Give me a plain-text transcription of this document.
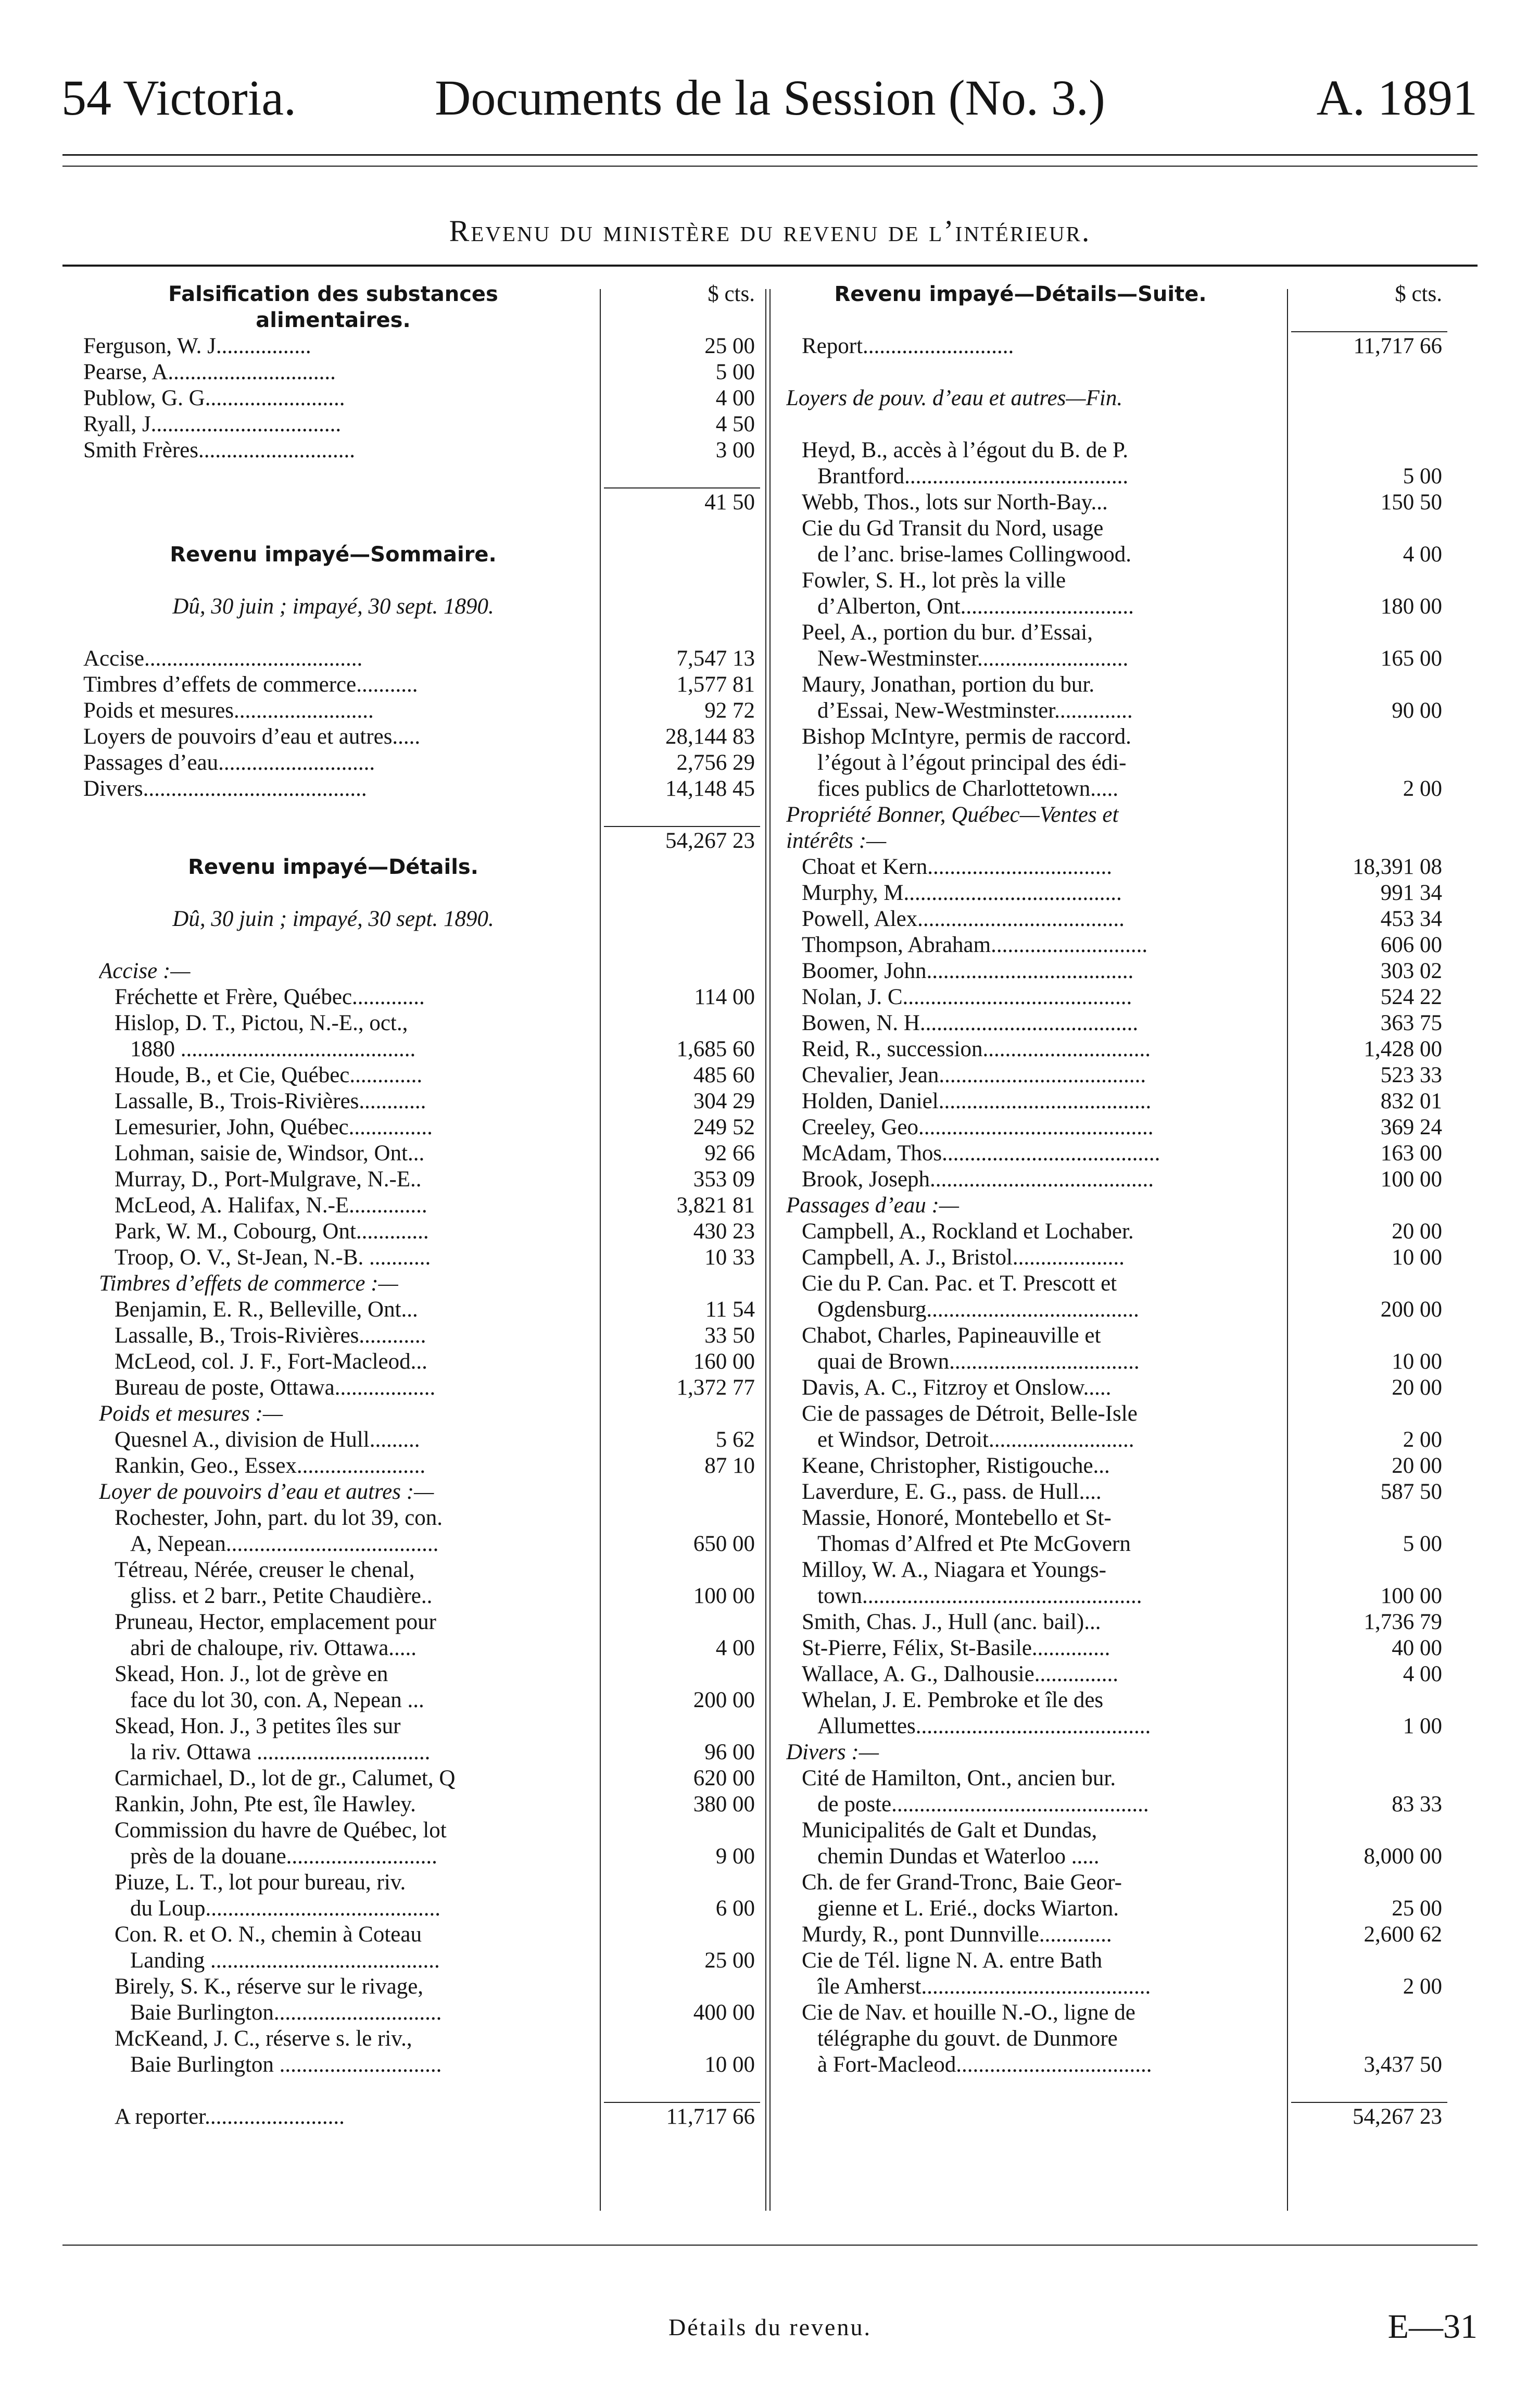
54 Victoria.	Documents de la Session (No. 3.)	A. 1891
Revenu du ministère du revenu de l’intérieur.
Falsification des substances	$ cts.
alimentaires.
Ferguson, W. J.................	25 00
Pearse, A..............................	5 00
Publow, G. G.........................	4 00
Ryall, J..................................	4 50
Smith Frères............................	3 00
41 50
Revenu impayé—Sommaire.
Dû, 30 juin ; impayé, 30 sept. 1890.
Accise.......................................	7,547 13
Timbres d’effets de commerce...........	1,577 81
Poids et mesures.........................	92 72
Loyers de pouvoirs d’eau et autres.....	28,144 83
Passages d’eau............................	2,756 29
Divers........................................	14,148 45
54,267 23
Revenu impayé—Détails.
Dû, 30 juin ; impayé, 30 sept. 1890.
Accise :—
Fréchette et Frère, Québec.............	114 00
Hislop, D. T., Pictou, N.-E., oct.,
1880 ..........................................	1,685 60
Houde, B., et Cie, Québec.............	485 60
Lassalle, B., Trois-Rivières............	304 29
Lemesurier, John, Québec...............	249 52
Lohman, saisie de, Windsor, Ont...	92 66
Murray, D., Port-Mulgrave, N.-E..	353 09
McLeod, A. Halifax, N.-E..............	3,821 81
Park, W. M., Cobourg, Ont.............	430 23
Troop, O. V., St-Jean, N.-B. ...........	10 33
Timbres d’effets de commerce :—
Benjamin, E. R., Belleville, Ont...	11 54
Lassalle, B., Trois-Rivières............	33 50
McLeod, col. J. F., Fort-Macleod...	160 00
Bureau de poste, Ottawa..................	1,372 77
Poids et mesures :—
Quesnel A., division de Hull.........	5 62
Rankin, Geo., Essex.......................	87 10
Loyer de pouvoirs d’eau et autres :—
Rochester, John, part. du lot 39, con.
A, Nepean......................................	650 00
Tétreau, Nérée, creuser le chenal,
gliss. et 2 barr., Petite Chaudière..	100 00
Pruneau, Hector, emplacement pour
abri de chaloupe, riv. Ottawa.....	4 00
Skead, Hon. J., lot de grève en
face du lot 30, con. A, Nepean ...	200 00
Skead, Hon. J., 3 petites îles sur
la riv. Ottawa ...............................	96 00
Carmichael, D., lot de gr., Calumet, Q	620 00
Rankin, John, Pte est, île Hawley.	380 00
Commission du havre de Québec, lot
près de la douane...........................	9 00
Piuze, L. T., lot pour bureau, riv.
du Loup..........................................	6 00
Con. R. et O. N., chemin à Coteau
Landing .........................................	25 00
Birely, S. K., réserve sur le rivage,
Baie Burlington..............................	400 00
McKeand, J. C., réserve s. le riv.,
Baie Burlington .............................	10 00
A reporter.........................	11,717 66
Revenu impayé—Détails—Suite.	$ cts.
Report...........................	11,717 66
Loyers de pouv. d’eau et autres—Fin.
Heyd, B., accès à l’égout du B. de P.
Brantford........................................	5 00
Webb, Thos., lots sur North-Bay...	150 50
Cie du Gd Transit du Nord, usage
de l’anc. brise-lames Collingwood.	4 00
Fowler, S. H., lot près la ville
d’Alberton, Ont...............................	180 00
Peel, A., portion du bur. d’Essai,
New-Westminster...........................	165 00
Maury, Jonathan, portion du bur.
d’Essai, New-Westminster..............	90 00
Bishop McIntyre, permis de raccord.
l’égout à l’égout principal des édi-
fices publics de Charlottetown.....	2 00
Propriété Bonner, Québec—Ventes et
intérêts :—
Choat et Kern.................................	18,391 08
Murphy, M.......................................	991 34
Powell, Alex.....................................	453 34
Thompson, Abraham............................	606 00
Boomer, John.....................................	303 02
Nolan, J. C.........................................	524 22
Bowen, N. H.......................................	363 75
Reid, R., succession..............................	1,428 00
Chevalier, Jean.....................................	523 33
Holden, Daniel......................................	832 01
Creeley, Geo..........................................	369 24
McAdam, Thos.......................................	163 00
Brook, Joseph........................................	100 00
Passages d’eau :—
Campbell, A., Rockland et Lochaber.	20 00
Campbell, A. J., Bristol....................	10 00
Cie du P. Can. Pac. et T. Prescott et
Ogdensburg......................................	200 00
Chabot, Charles, Papineauville et
quai de Brown..................................	10 00
Davis, A. C., Fitzroy et Onslow.....	20 00
Cie de passages de Détroit, Belle-Isle
et Windsor, Detroit..........................	2 00
Keane, Christopher, Ristigouche...	20 00
Laverdure, E. G., pass. de Hull....	587 50
Massie, Honoré, Montebello et St-
Thomas d’Alfred et Pte McGovern	5 00
Milloy, W. A., Niagara et Youngs-
town..................................................	100 00
Smith, Chas. J., Hull (anc. bail)...	1,736 79
St-Pierre, Félix, St-Basile..............	40 00
Wallace, A. G., Dalhousie...............	4 00
Whelan, J. E. Pembroke et île des
Allumettes..........................................	1 00
Divers :—
Cité de Hamilton, Ont., ancien bur.
de poste..............................................	83 33
Municipalités de Galt et Dundas,
chemin Dundas et Waterloo .....	8,000 00
Ch. de fer Grand-Tronc, Baie Geor-
gienne et L. Erié., docks Wiarton.	25 00
Murdy, R., pont Dunnville.............	2,600 62
Cie de Tél. ligne N. A. entre Bath
île Amherst.........................................	2 00
Cie de Nav. et houille N.-O., ligne de
télégraphe du gouvt. de Dunmore
à Fort-Macleod...................................	3,437 50
54,267 23
Détails du revenu.	E—31
